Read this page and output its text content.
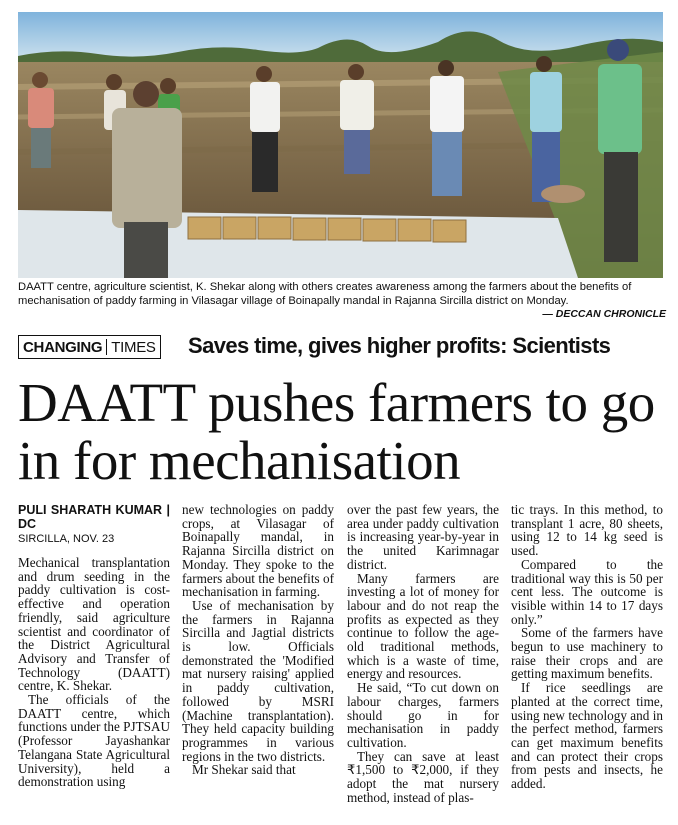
DAATT centre, agriculture scientist, K. Shekar along with others creates awareness among the farmers about the benefits of mechanisation of paddy farming in Vilasagar village of Boinapally mandal in Rajanna Sircilla district on Monday.
— DECCAN CHRONICLE
CHANGING TIMES Saves time, gives higher profits: Scientists
DAATT pushes farmers to go in for mechanisation
PULI SHARATH KUMAR | DC
SIRCILLA, NOV. 23

Mechanical transplantation and drum seeding in the paddy cultivation is cost-effective and operation friendly, said agriculture scientist and coordinator of the District Agricultural Advisory and Transfer of Technology (DAATT) centre, K. Shekar.

The officials of the DAATT centre, which functions under the PJTSAU (Professor Jayashankar Telangana State Agricultural University), held a demonstration using

new technologies on paddy crops, at Vilasagar of Boinapally mandal, in Rajanna Sircilla district on Monday. They spoke to the farmers about the benefits of mechanisation in farming.

Use of mechanisation by the farmers in Rajanna Sircilla and Jagtial districts is low. Officials demonstrated the 'Modified mat nursery raising' applied in paddy cultivation, followed by MSRI (Machine transplantation). They held capacity building programmes in various regions in the two districts.

Mr Shekar said that

over the past few years, the area under paddy cultivation is increasing year-by-year in the united Karimnagar district.

Many farmers are investing a lot of money for labour and do not reap the profits as expected as they continue to follow the age-old traditional methods, which is a waste of time, energy and resources.

He said, “To cut down on labour charges, farmers should go in for mechanisation in paddy cultivation.

They can save at least ₹1,500 to ₹2,000, if they adopt the mat nursery method, instead of plas-

tic trays. In this method, to transplant 1 acre, 80 sheets, using 12 to 14 kg seed is used.

Compared to the traditional way this is 50 per cent less. The outcome is visible within 14 to 17 days only.”

Some of the farmers have begun to use machinery to raise their crops and are getting maximum benefits.

If rice seedlings are planted at the correct time, using new technology and in the perfect method, farmers can get maximum benefits and can protect their crops from pests and insects, he added.
